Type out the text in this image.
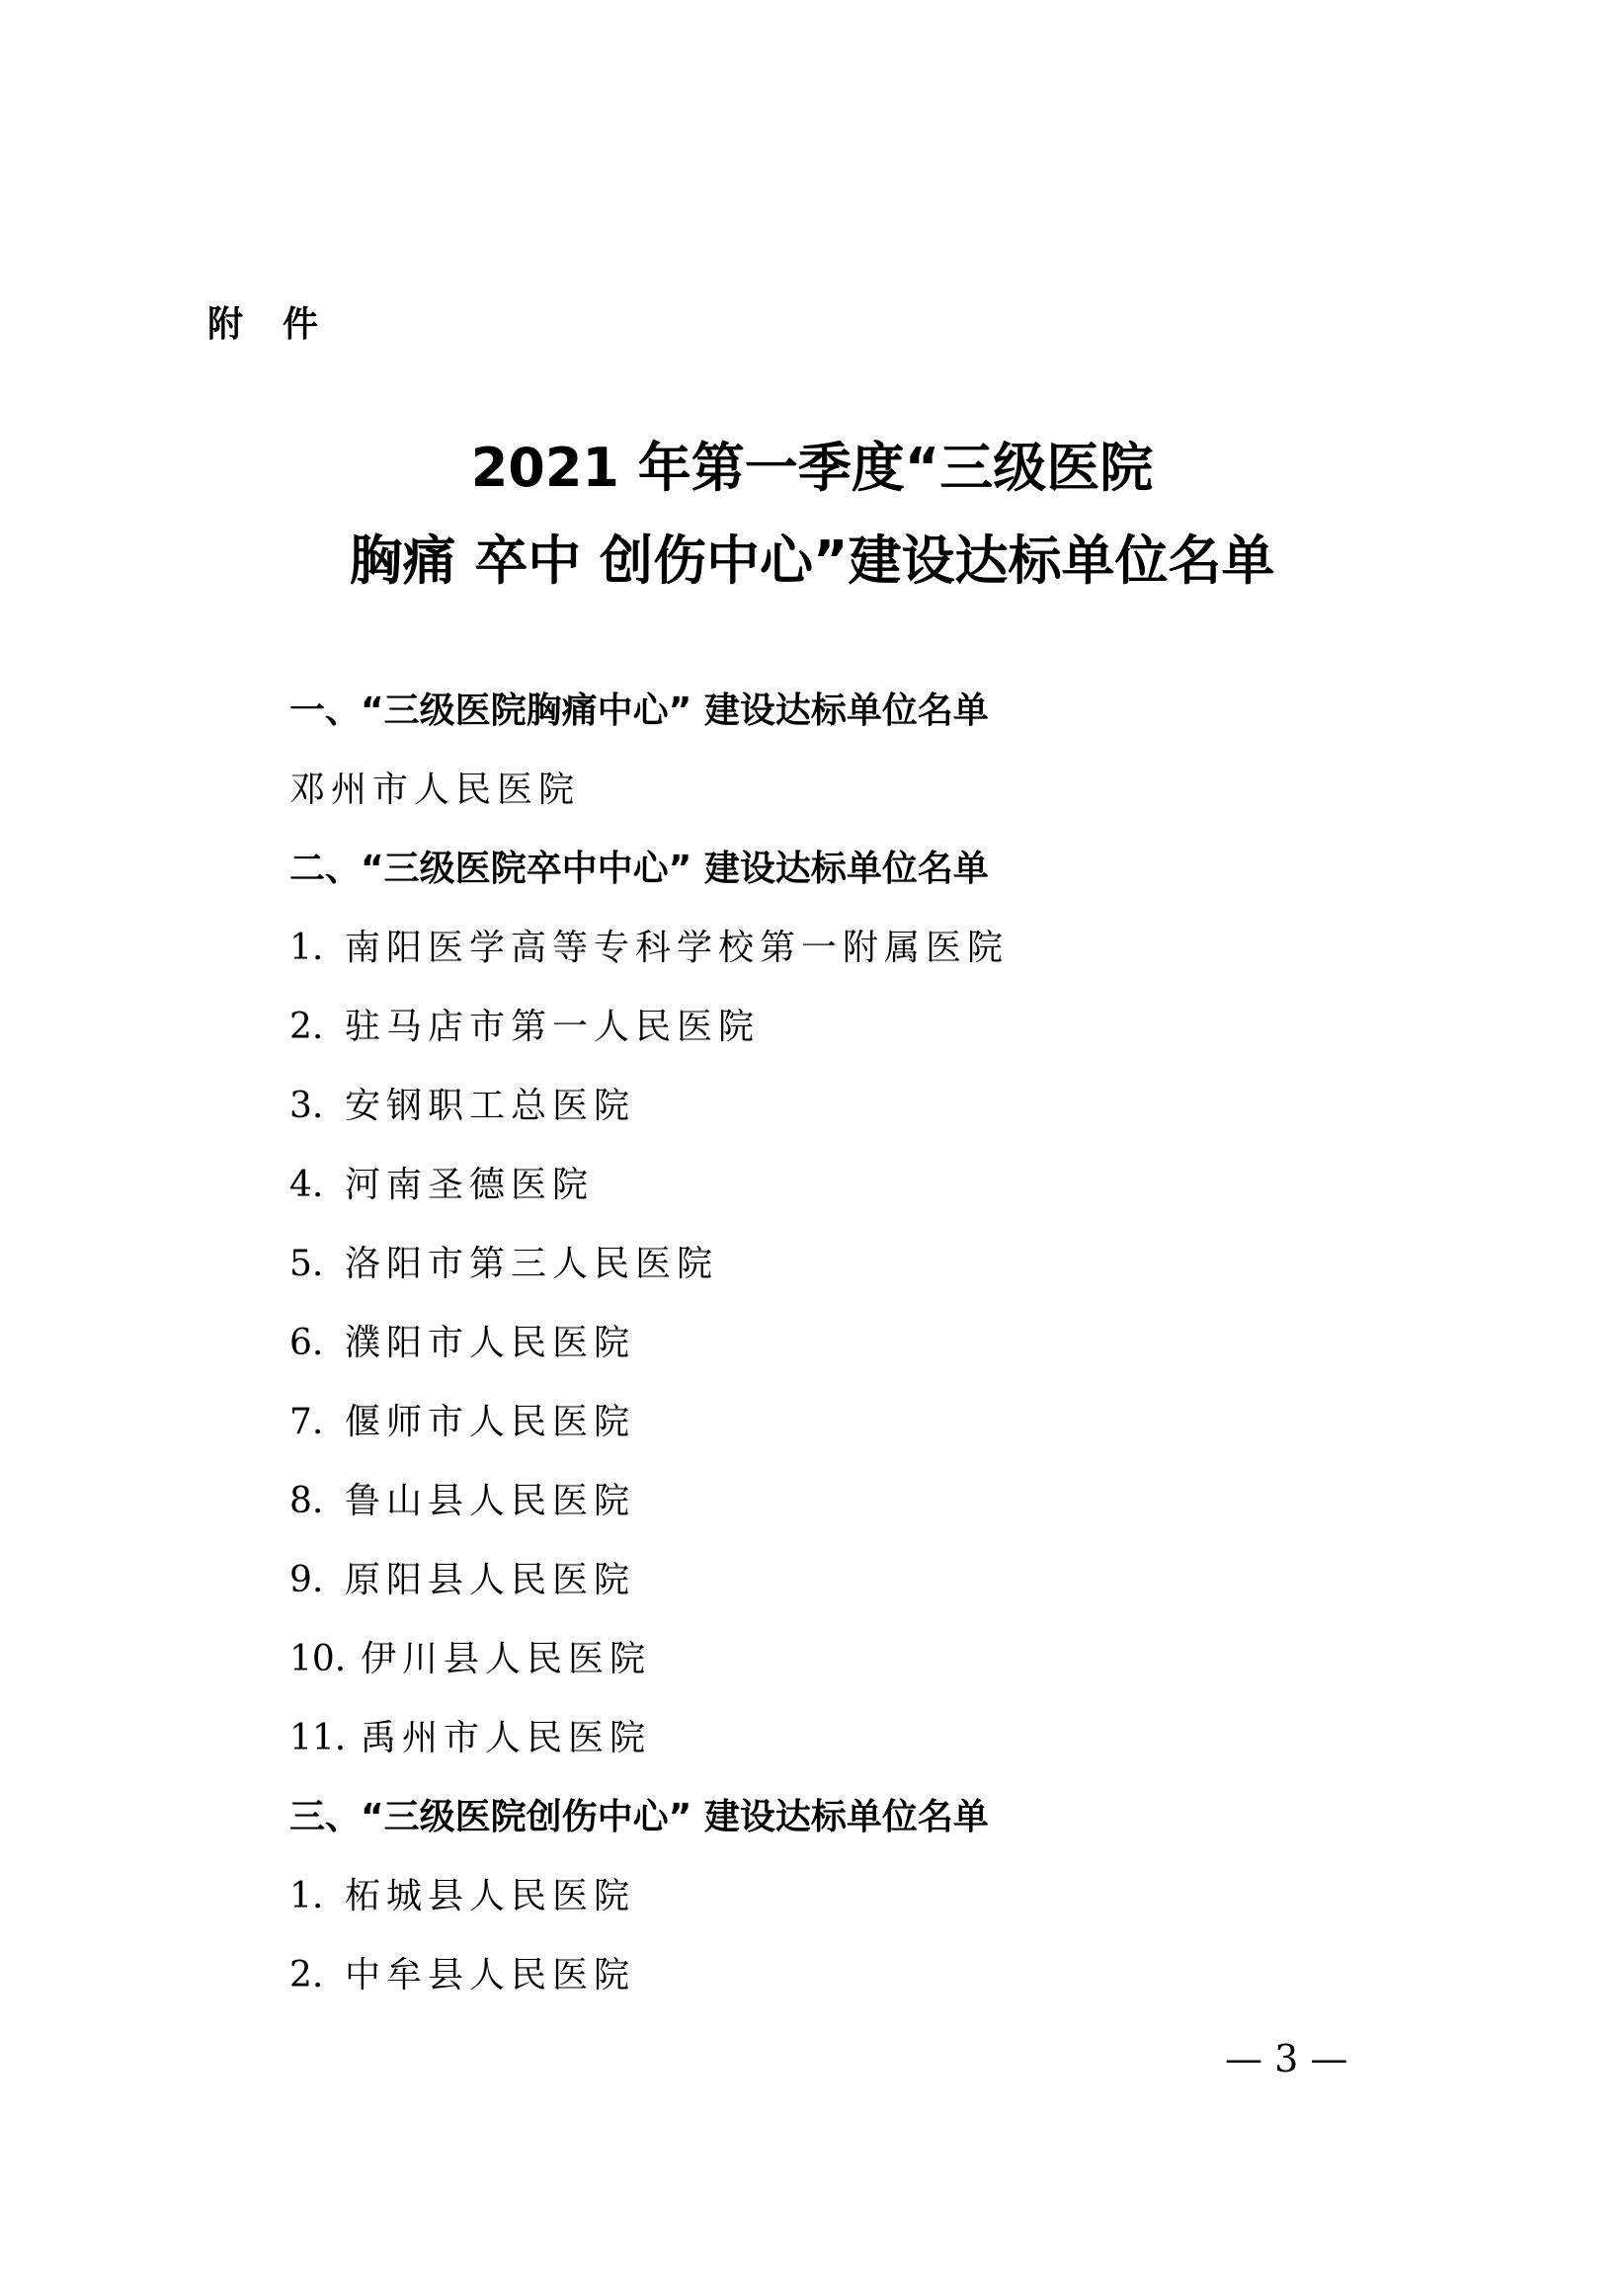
附件
2021 年第一季度“三级医院
胸痛 卒中 创伤中心”建设达标单位名单
一、“三级医院胸痛中心” 建设达标单位名单
邓州市人民医院
二、“三级医院卒中中心” 建设达标单位名单
1. 南阳医学高等专科学校第一附属医院
2. 驻马店市第一人民医院
3. 安钢职工总医院
4. 河南圣德医院
5. 洛阳市第三人民医院
6. 濮阳市人民医院
7. 偃师市人民医院
8. 鲁山县人民医院
9. 原阳县人民医院
10. 伊川县人民医院
11. 禹州市人民医院
三、“三级医院创伤中心” 建设达标单位名单
1. 柘城县人民医院
2. 中牟县人民医院
— 3 —
